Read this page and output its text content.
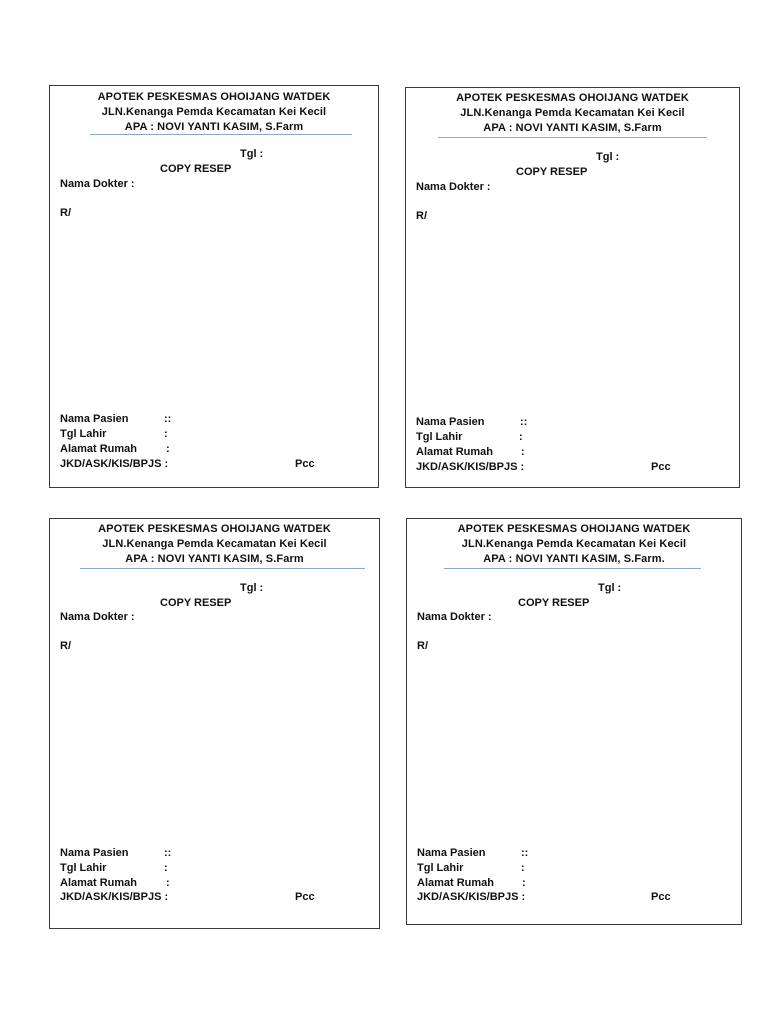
APOTEK PESKESMAS OHOIJANG WATDEK
JLN.Kenanga Pemda Kecamatan Kei Kecil
APA : NOVI YANTI KASIM, S.Farm
Tgl :
COPY RESEP
Nama Dokter :
R/
Nama Pasien	::
Tgl Lahir	:
Alamat Rumah	:
JKD/ASK/KIS/BPJS :	Pcc
APOTEK PESKESMAS OHOIJANG WATDEK
JLN.Kenanga Pemda Kecamatan Kei Kecil
APA : NOVI YANTI KASIM, S.Farm
Tgl :
COPY RESEP
Nama Dokter :
R/
Nama Pasien	::
Tgl Lahir	:
Alamat Rumah	:
JKD/ASK/KIS/BPJS :	Pcc
APOTEK PESKESMAS OHOIJANG WATDEK
JLN.Kenanga Pemda Kecamatan Kei Kecil
APA : NOVI YANTI KASIM, S.Farm
Tgl :
COPY RESEP
Nama Dokter :
R/
Nama Pasien	::
Tgl Lahir	:
Alamat Rumah	:
JKD/ASK/KIS/BPJS :	Pcc
APOTEK PESKESMAS OHOIJANG WATDEK
JLN.Kenanga Pemda Kecamatan Kei Kecil
APA : NOVI YANTI KASIM, S.Farm.
Tgl :
COPY RESEP
Nama Dokter :
R/
Nama Pasien	::
Tgl Lahir	:
Alamat Rumah	:
JKD/ASK/KIS/BPJS :	Pcc
